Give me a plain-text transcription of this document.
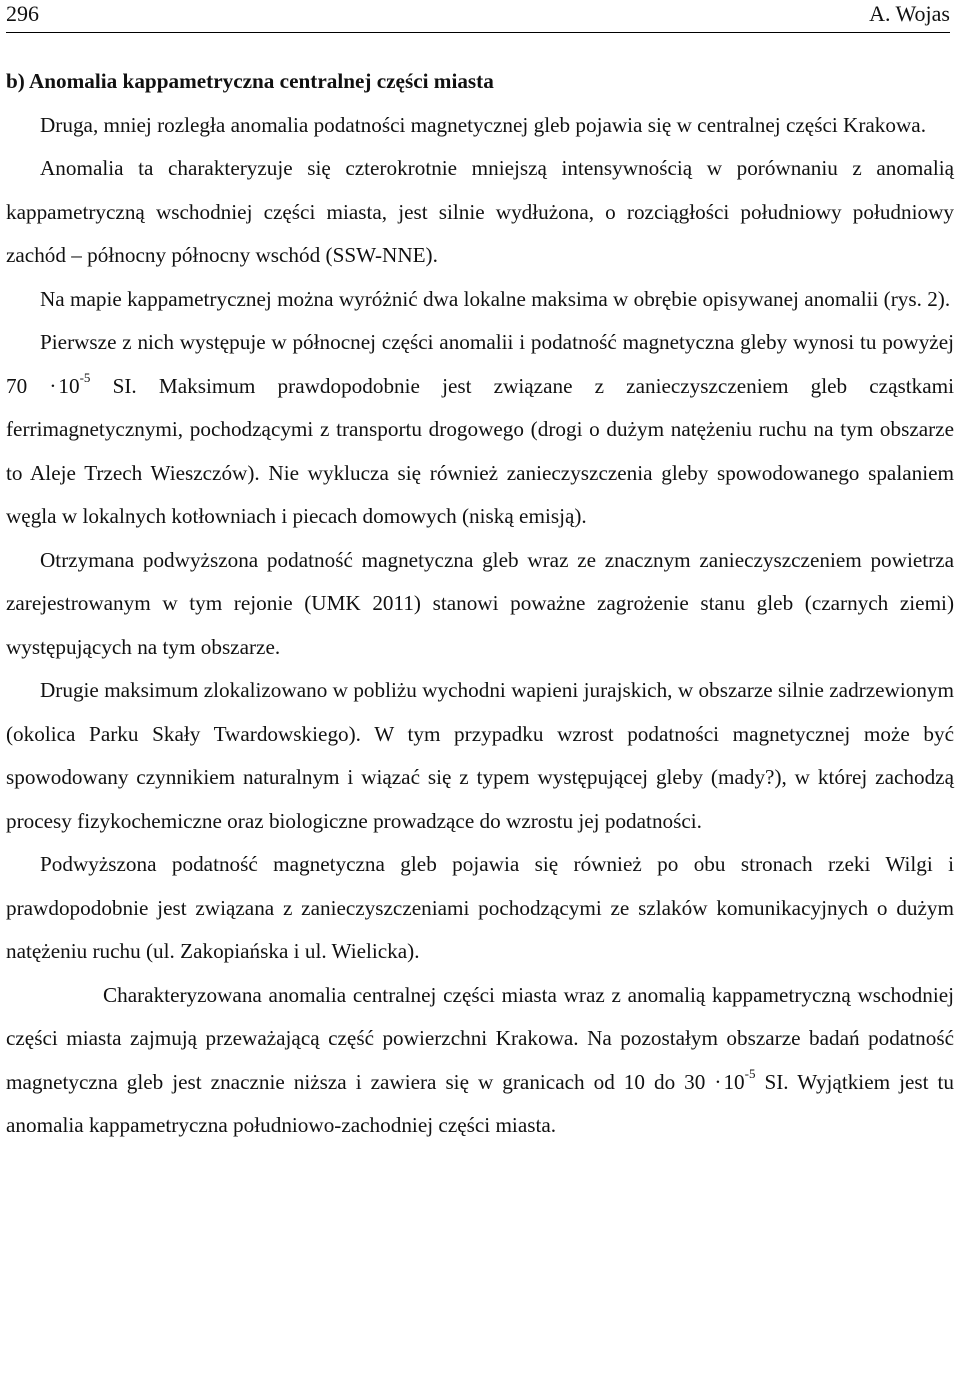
296	A. Wojas

b) Anomalia kappametryczna centralnej części miasta

Druga, mniej rozległa anomalia podatności magnetycznej gleb pojawia się w centralnej części Krakowa.

Anomalia ta charakteryzuje się czterokrotnie mniejszą intensywnością w porównaniu z anomalią kappametryczną wschodniej części miasta, jest silnie wydłużona, o rozciągłości południowy południowy zachód – północny północny wschód (SSW-NNE).

Na mapie kappametrycznej można wyróżnić dwa lokalne maksima w obrębie opisywanej anomalii (rys. 2).

Pierwsze z nich występuje w północnej części anomalii i podatność magnetyczna gleby wynosi tu powyżej $70 \cdot 10^{-5}$ SI. Maksimum prawdopodobnie jest związane z zanieczyszczeniem gleb cząstkami ferrimagnetycznymi, pochodzącymi z transportu drogowego (drogi o dużym natężeniu ruchu na tym obszarze to Aleje Trzech Wieszczów). Nie wyklucza się również zanieczyszczenia gleby spowodowanego spalaniem węgla w lokalnych kotłowniach i piecach domowych (niską emisją).

Otrzymana podwyższona podatność magnetyczna gleb wraz ze znacznym zanieczyszczeniem powietrza zarejestrowanym w tym rejonie (UMK 2011) stanowi poważne zagrożenie stanu gleb (czarnych ziemi) występujących na tym obszarze.

Drugie maksimum zlokalizowano w pobliżu wychodni wapieni jurajskich, w obszarze silnie zadrzewionym (okolica Parku Skały Twardowskiego). W tym przypadku wzrost podatności magnetycznej może być spowodowany czynnikiem naturalnym i wiązać się z typem występującej gleby (mady?), w której zachodzą procesy fizykochemiczne oraz biologiczne prowadzące do wzrostu jej podatności.

Podwyższona podatność magnetyczna gleb pojawia się również po obu stronach rzeki Wilgi i prawdopodobnie jest związana z zanieczyszczeniami pochodzącymi ze szlaków komunikacyjnych o dużym natężeniu ruchu (ul. Zakopiańska i ul. Wielicka).

Charakteryzowana anomalia centralnej części miasta wraz z anomalią kappametryczną wschodniej części miasta zajmują przeważającą część powierzchni Krakowa. Na pozostałym obszarze badań podatność magnetyczna gleb jest znacznie niższa i zawiera się w granicach od 10 do $30 \cdot 10^{-5}$ SI. Wyjątkiem jest tu anomalia kappametryczna południowo-zachodniej części miasta.
